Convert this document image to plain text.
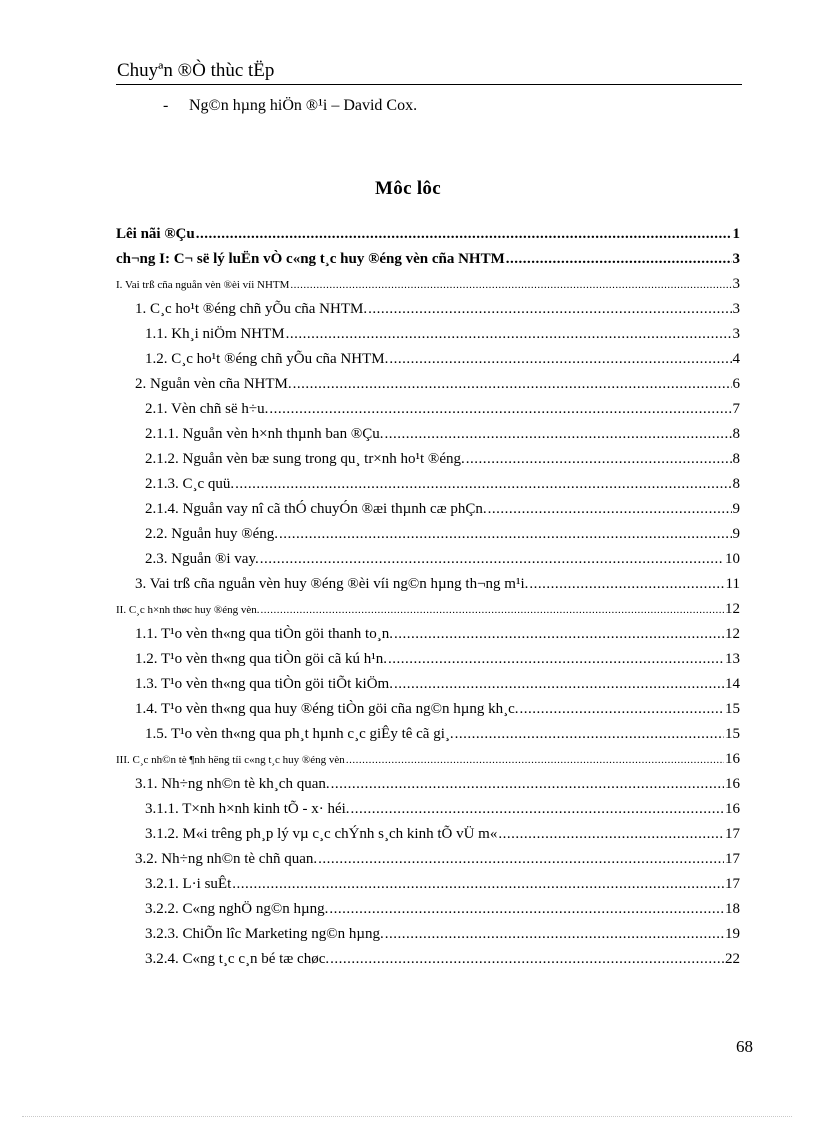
Chuyªn ®Ò thùc tËp
- Ng©n hµng hiÖn ®¹i – David Cox.
Môc lôc
Lêi nãi ®Çu .....	1
ch¬ng I: C¬ së lý luËn vÒ c«ng t¸c huy ®éng vèn cña NHTM .....	3
I. Vai trß cña nguån vèn ®èi víi NHTM .....	3
1. C¸c ho¹t ®éng chñ yÕu cña NHTM. .....	3
1.1. Kh¸i niÖm NHTM .....	3
1.2. C¸c ho¹t ®éng chñ yÕu cña NHTM. .....	4
2. Nguån vèn cña NHTM. .....	6
2.1. Vèn chñ së h÷u. .....	7
2.1.1. Nguån vèn h×nh thµnh ban ®Çu. .....	8
2.1.2. Nguån vèn bæ sung trong qu¸ tr×nh ho¹t ®éng. .....	8
2.1.3. C¸c quü. .....	8
2.1.4. Nguån vay nî cã thÓ chuyÓn ®æi thµnh cæ phÇn. .....	9
2.2. Nguån huy ®éng. .....	9
2.3. Nguån ®i vay. .....	10
3. Vai trß cña nguån vèn huy ®éng ®èi víi ng©n hµng th¬ng m¹i. .....	11
II. C¸c h×nh thøc huy ®éng vèn. .....	12
1.1. T¹o vèn th«ng qua tiÒn göi thanh to¸n. .....	12
1.2. T¹o vèn th«ng qua tiÒn göi cã kú h¹n. .....	13
1.3. T¹o vèn th«ng qua tiÒn göi tiÕt kiÖm. .....	14
1.4. T¹o vèn th«ng qua huy ®éng tiÒn göi cña ng©n hµng kh¸c. .....	15
1.5. T¹o vèn th«ng qua ph¸t hµnh c¸c giÊy tê cã gi¸. .....	15
III. C¸c nh©n tè ¶nh hëng tíi c«ng t¸c huy ®éng vèn .....	16
3.1. Nh÷ng nh©n tè kh¸ch quan. .....	16
3.1.1. T×nh h×nh kinh tÕ - x· héi. .....	16
3.1.2. M«i trêng ph¸p lý vµ c¸c chÝnh s¸ch kinh tÕ vÜ m« .....	17
3.2. Nh÷ng nh©n tè chñ quan. .....	17
3.2.1. L·i suÊt .....	17
3.2.2. C«ng nghÖ ng©n hµng. .....	18
3.2.3. ChiÕn lîc Marketing ng©n hµng. .....	19
3.2.4. C«ng t¸c c¸n bé tæ chøc. .....	22
68
